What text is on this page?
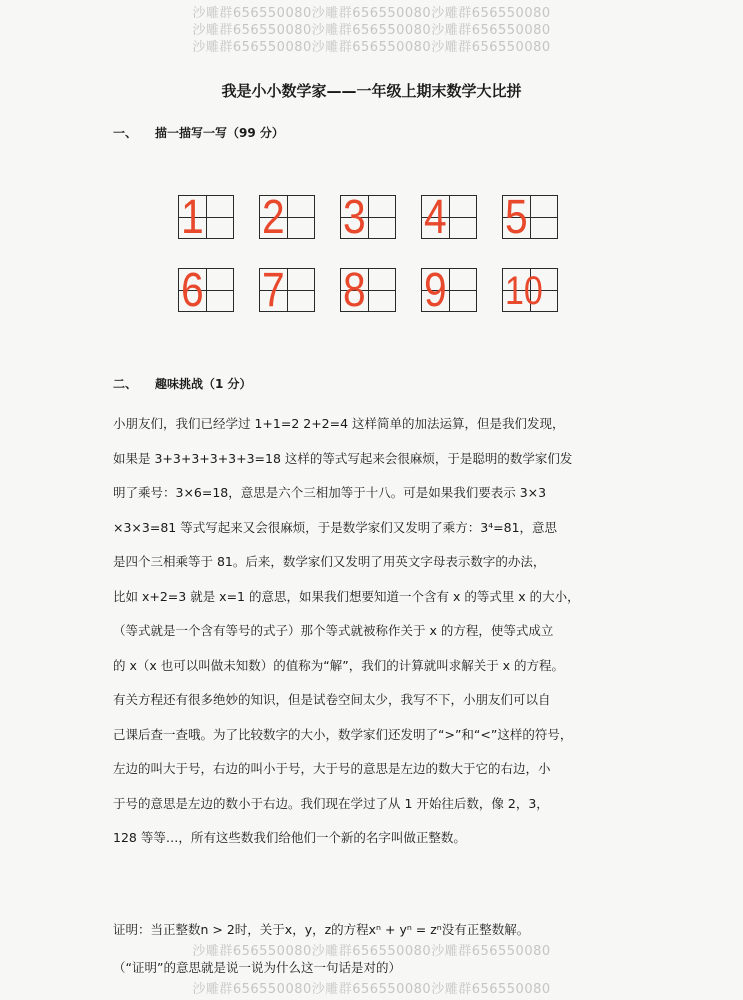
沙雕群656550080沙雕群656550080沙雕群656550080
沙雕群656550080沙雕群656550080沙雕群656550080
沙雕群656550080沙雕群656550080沙雕群656550080
我是小小数学家——一年级上期末数学大比拼
一、 描一描写一写（99 分）
1 2 3 4 5
6 7 8 9 10
二、 趣味挑战（1 分）
小朋友们，我们已经学过 1+1=2 2+2=4 这样简单的加法运算，但是我们发现，
如果是 3+3+3+3+3+3=18 这样的等式写起来会很麻烦，于是聪明的数学家们发
明了乘号：3×6=18，意思是六个三相加等于十八。可是如果我们要表示 3×3
×3×3=81 等式写起来又会很麻烦，于是数学家们又发明了乘方：3⁴=81，意思
是四个三相乘等于 81。后来，数学家们又发明了用英文字母表示数字的办法，
比如 x+2=3 就是 x=1 的意思，如果我们想要知道一个含有 x 的等式里 x 的大小，
（等式就是一个含有等号的式子）那个等式就被称作关于 x 的方程，使等式成立
的 x（x 也可以叫做未知数）的值称为“解”，我们的计算就叫求解关于 x 的方程。
有关方程还有很多绝妙的知识，但是试卷空间太少，我写不下，小朋友们可以自
己课后查一查哦。为了比较数字的大小，数学家们还发明了“>”和“<”这样的符号，
左边的叫大于号，右边的叫小于号，大于号的意思是左边的数大于它的右边，小
于号的意思是左边的数小于右边。我们现在学过了从 1 开始往后数，像 2，3，
128 等等…，所有这些数我们给他们一个新的名字叫做正整数。
证明：当正整数n > 2时，关于x，y，z的方程xⁿ + yⁿ = zⁿ没有正整数解。
沙雕群656550080沙雕群656550080沙雕群656550080
（“证明”的意思就是说一说为什么这一句话是对的）
沙雕群656550080沙雕群656550080沙雕群656550080
